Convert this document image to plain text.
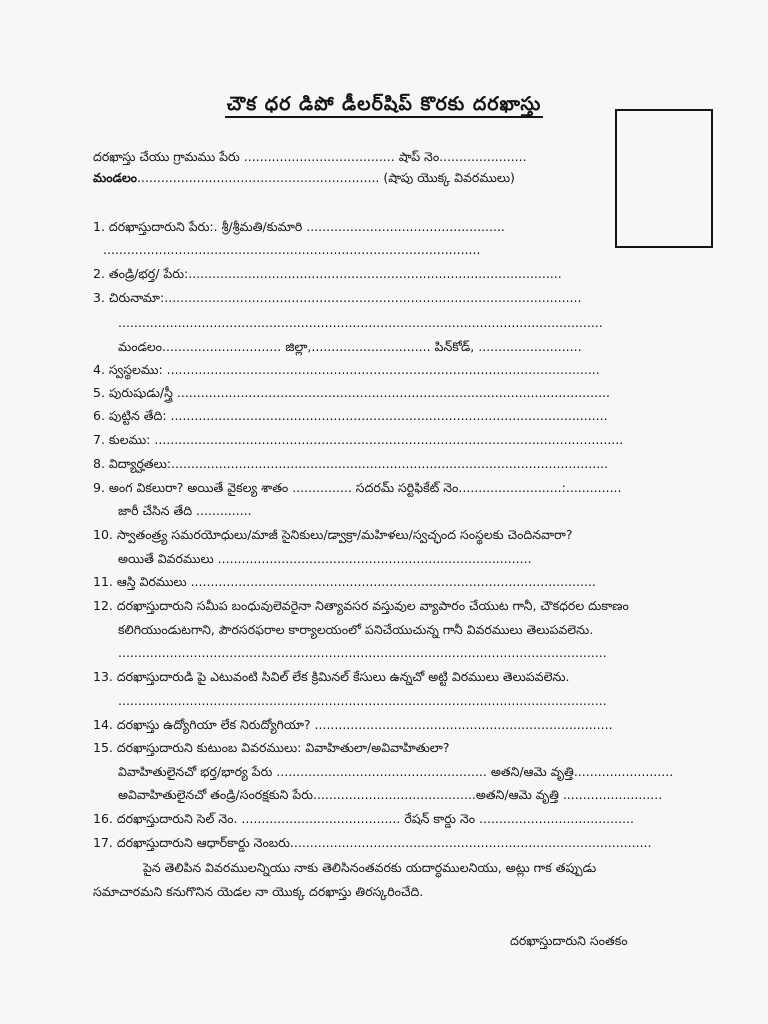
చౌక ధర డిపో డీలర్‌షిప్ కొరకు దరఖాస్తు
దరఖాస్తు చేయు గ్రామము పేరు ...................................... షాప్ నెం......................
మండలం............................................................. (షాపు యొక్క వివరములు)
1. దరఖాస్తుదారుని పేరు:. శ్రీ/శ్రీమతి/కుమారి ..................................................
...............................................................................................
2. తండ్రి/భర్త/ పేరు:..............................................................................................
3. చిరునామా:.........................................................................................................
..........................................................................................................................
మండలం.............................. జిల్లా,.............................. పిన్‌కోడ్, ..........................
4. స్వస్థలము: .............................................................................................................
5. పురుషుడు/స్త్రీ .............................................................................................................
6. పుట్టిన తేది: ..............................................................................................................
7. కులము: ......................................................................................................................
8. విద్యార్హతలు:..............................................................................................................
9. అంగ వికలురా? అయితే వైకల్య శాతం ............... సదరమ్ సర్టిఫికేట్ నెం..........................:..............
జారీ చేసిన తేది ..............
10. స్వాతంత్ర్య సమరయోధులు/మాజీ సైనికులు/డ్వాక్రా/మహిళలు/స్వచ్ఛంద సంస్థలకు చెందినవారా?
అయితే వివరములు ...............................................................................
11. ఆస్తి విరములు ......................................................................................................
12. దరఖాస్తుదారుని సమీప బంధువులెవరైనా నిత్యావసర వస్తువుల వ్యాపారం చేయుట గానీ, చౌకధరల దుకాణం
కలిగియుండుటగాని, పౌరసరఫరాల కార్యాలయంలో పనిచేయుచున్న గానీ వివరములు తెలుపవలెను.
...........................................................................................................................
13. దరఖాస్తుదారుడి పై ఎటువంటి సివిల్ లేక క్రిమినల్ కేసులు ఉన్నచో అట్టి విరములు తెలుపవలెను.
...........................................................................................................................
14. దరఖాస్తు ఉద్యోగియా లేక నిరుద్యోగియా? ...........................................................................
15. దరఖాస్తుదారుని కుటుంబ వివరములు: వివాహితులా/అవివాహితులా?
వివాహితులైనచో భర్త/భార్య పేరు ..................................................... అతని/ఆమె వృత్తి.........................
అవివాహితులైనచో తండ్రి/సంరక్షకుని పేరు.........................................అతని/ఆమె వృత్తి .........................
16. దరఖాస్తుదారుని సెల్ నెం. ........................................ రేషన్ కార్డు నెం .......................................
17. దరఖాస్తుదారుని ఆధార్‌కార్డు నెంబరు...........................................................................................
పైన తెలిపిన వివరములన్నియు నాకు తెలిసినంతవరకు యదార్ధములనియు, అట్లు గాక తప్పుడు
సమాచారమని కనుగొనిన యెడల నా యొక్క దరఖాస్తు తిరస్కరించేది.
దరఖాస్తుదారుని సంతకం
